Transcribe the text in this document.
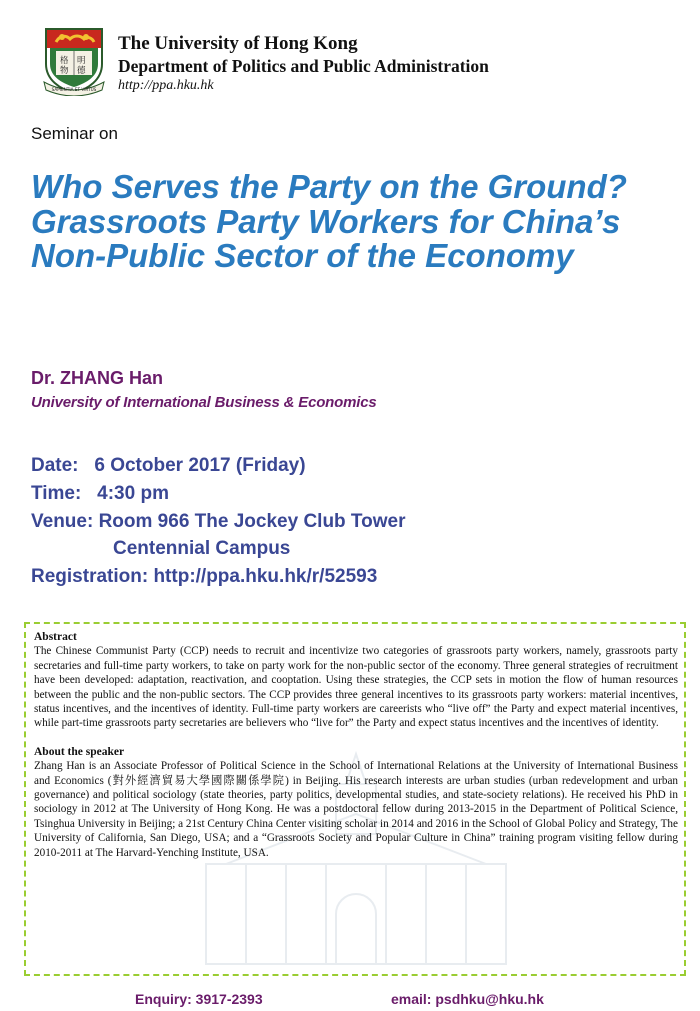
格
物
明
德
SAPIENTIA ET VIRTUS
The University of Hong Kong
Department of Politics and Public Administration
http://ppa.hku.hk
Seminar on
Who Serves the Party on the Ground? Grassroots Party Workers for China’s Non-Public Sector of the Economy
Dr. ZHANG Han
University of International Business & Economics
Date:   6 October 2017 (Friday)
Time:   4:30 pm
Venue: Room 966 The Jockey Club Tower
Centennial Campus
Registration: http://ppa.hku.hk/r/52593
Abstract

The Chinese Communist Party (CCP) needs to recruit and incentivize two categories of grassroots party workers, namely, grassroots party secretaries and full-time party workers, to take on party work for the non-public sector of the economy. Three general strategies of recruitment have been developed: adaptation, reactivation, and cooptation. Using these strategies, the CCP sets in motion the flow of human resources between the public and the non-public sectors. The CCP provides three general incentives to its grassroots party workers: material incentives, status incentives, and the incentives of identity. Full-time party workers are careerists who “live off” the Party and expect material incentives, while part-time grassroots party secretaries are believers who “live for” the Party and expect status incentives and the incentives of identity.

About the speaker

Zhang Han is an Associate Professor of Political Science in the School of International Relations at the University of International Business and Economics (對外經濟貿易大學國際關係學院) in Beijing. His research interests are urban studies (urban redevelopment and urban governance) and political sociology (state theories, party politics, developmental studies, and state-society relations). He received his PhD in sociology in 2012 at The University of Hong Kong. He was a postdoctoral fellow during 2013-2015 in the Department of Political Science, Tsinghua University in Beijing; a 21st Century China Center visiting scholar in 2014 and 2016 in the School of Global Policy and Strategy, The University of California, San Diego, USA; and a “Grassroots Society and Popular Culture in China” training program visiting fellow during 2010-2011 at The Harvard-Yenching Institute, USA.

Enquiry: 3917-2393	email: psdhku@hku.hk
